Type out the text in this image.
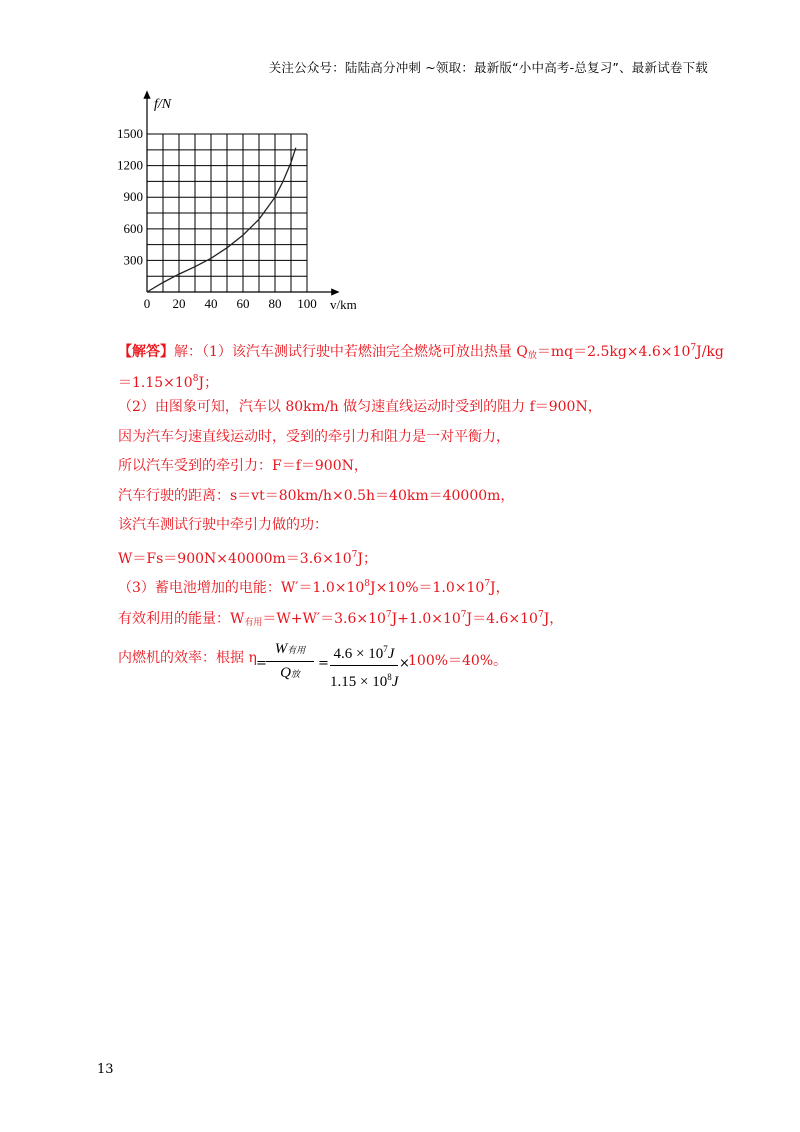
关注公众号：陆陆高分冲刺 ~领取：最新版“小中高考-总复习”、最新试卷下载
f/N
v/km
300
600
900
1200
1500
0 20 40 60 80 100
【解答】解：（1）该汽车测试行驶中若燃油完全燃烧可放出热量 $Q_放=mq=2.5kg\times 4.6\times 10^7J/kg$
$=1.15\times 10^8J$；
（2）由图象可知，汽车以 80km/h 做匀速直线运动时受到的阻力 f＝900N，
因为汽车匀速直线运动时，受到的牵引力和阻力是一对平衡力，
所以汽车受到的牵引力：F＝f＝900N，
汽车行驶的距离：s＝vt＝80km/h×0.5h＝40km＝40000m，
该汽车测试行驶中牵引力做的功：
$W=Fs=900N\times 40000m=3.6\times 10^7J$；
（3）蓄电池增加的电能：$W'=1.0\times 10^8J\times 10\%=1.0\times 10^7J$，
有效利用的能量：$W_{有用}=W+W'=3.6\times 10^7J+1.0\times 10^7J=4.6\times 10^7J$，
内燃机的效率：根据 η =
W有用
Q放
=
$4.6 \times 10^7J$
$1.15 \times 10^8J$
×
100%＝40%。
13
